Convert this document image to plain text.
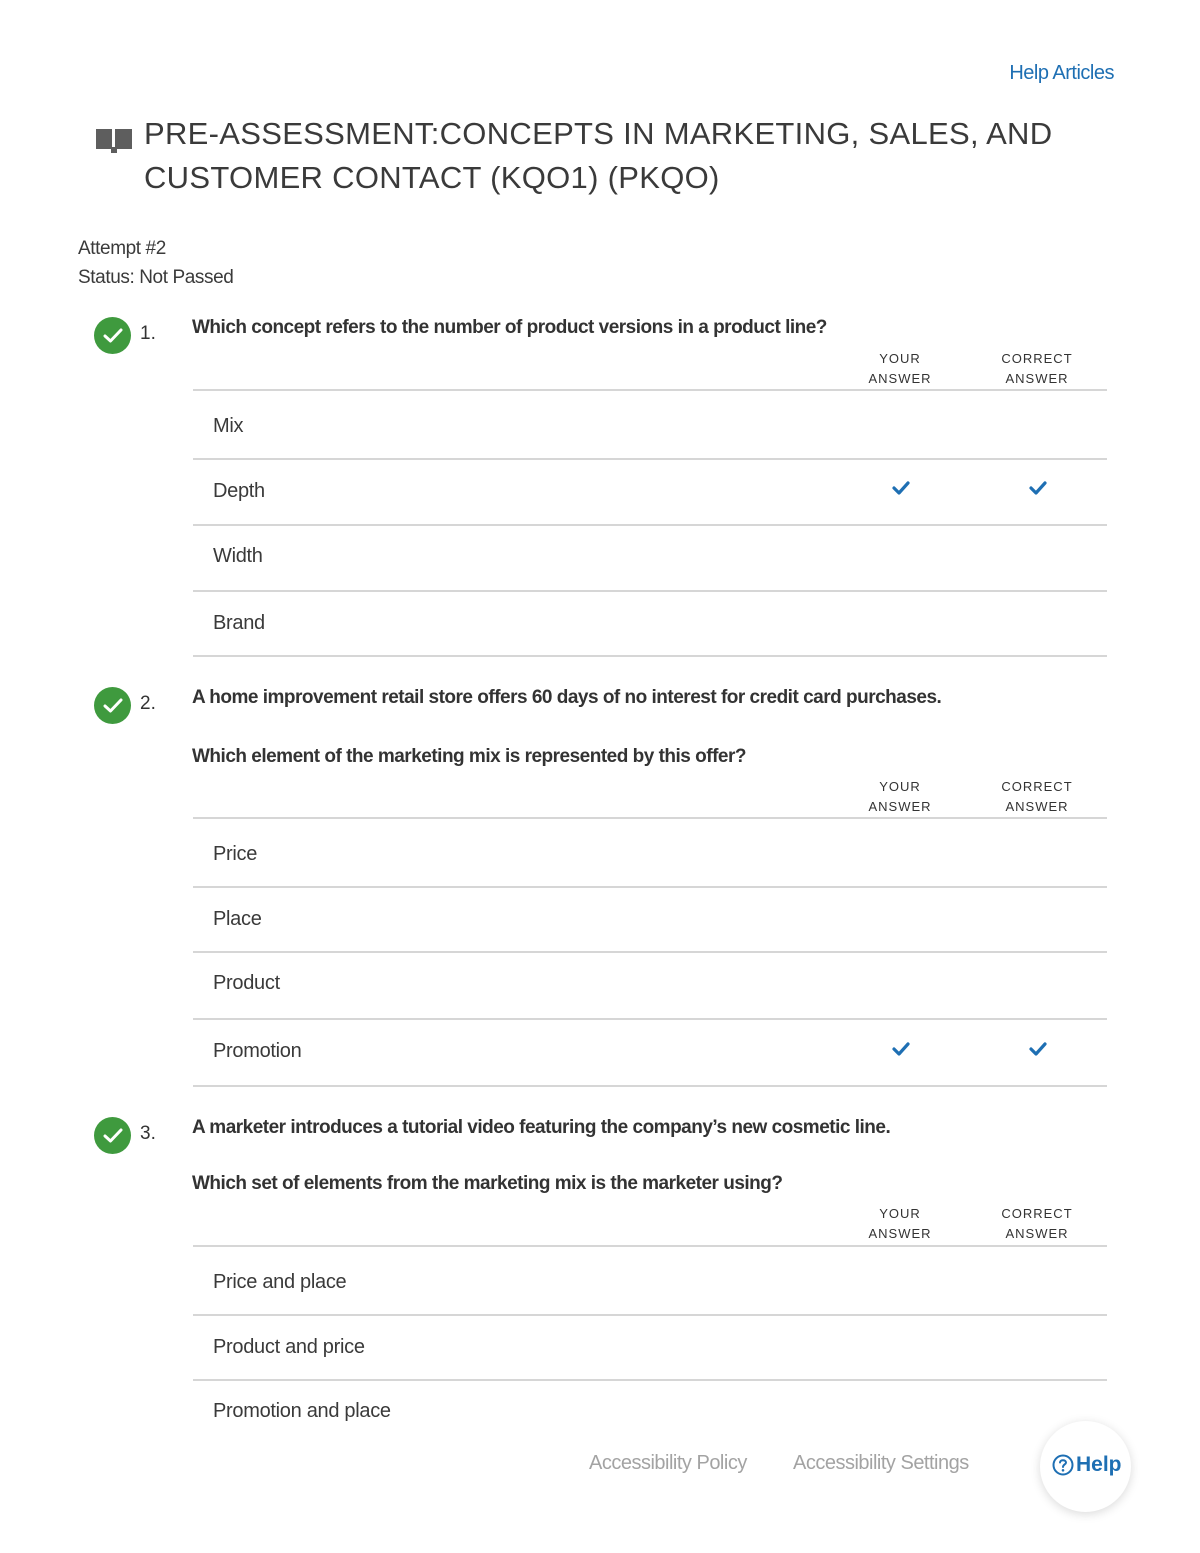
Help Articles
PRE-ASSESSMENT:CONCEPTS IN MARKETING, SALES, AND
CUSTOMER CONTACT (KQO1) (PKQO)
Attempt #2
Status: Not Passed
1. Which concept refers to the number of product versions in a product line?
YOUR
ANSWER
CORRECT
ANSWER
Mix
Depth
Width
Brand
2. A home improvement retail store offers 60 days of no interest for credit card purchases.
Which element of the marketing mix is represented by this offer?
YOUR
ANSWER
CORRECT
ANSWER
Price
Place
Product
Promotion
3. A marketer introduces a tutorial video featuring the company’s new cosmetic line.
Which set of elements from the marketing mix is the marketer using?
YOUR
ANSWER
CORRECT
ANSWER
Price and place
Product and price
Promotion and place
Accessibility Policy Accessibility Settings	Help
